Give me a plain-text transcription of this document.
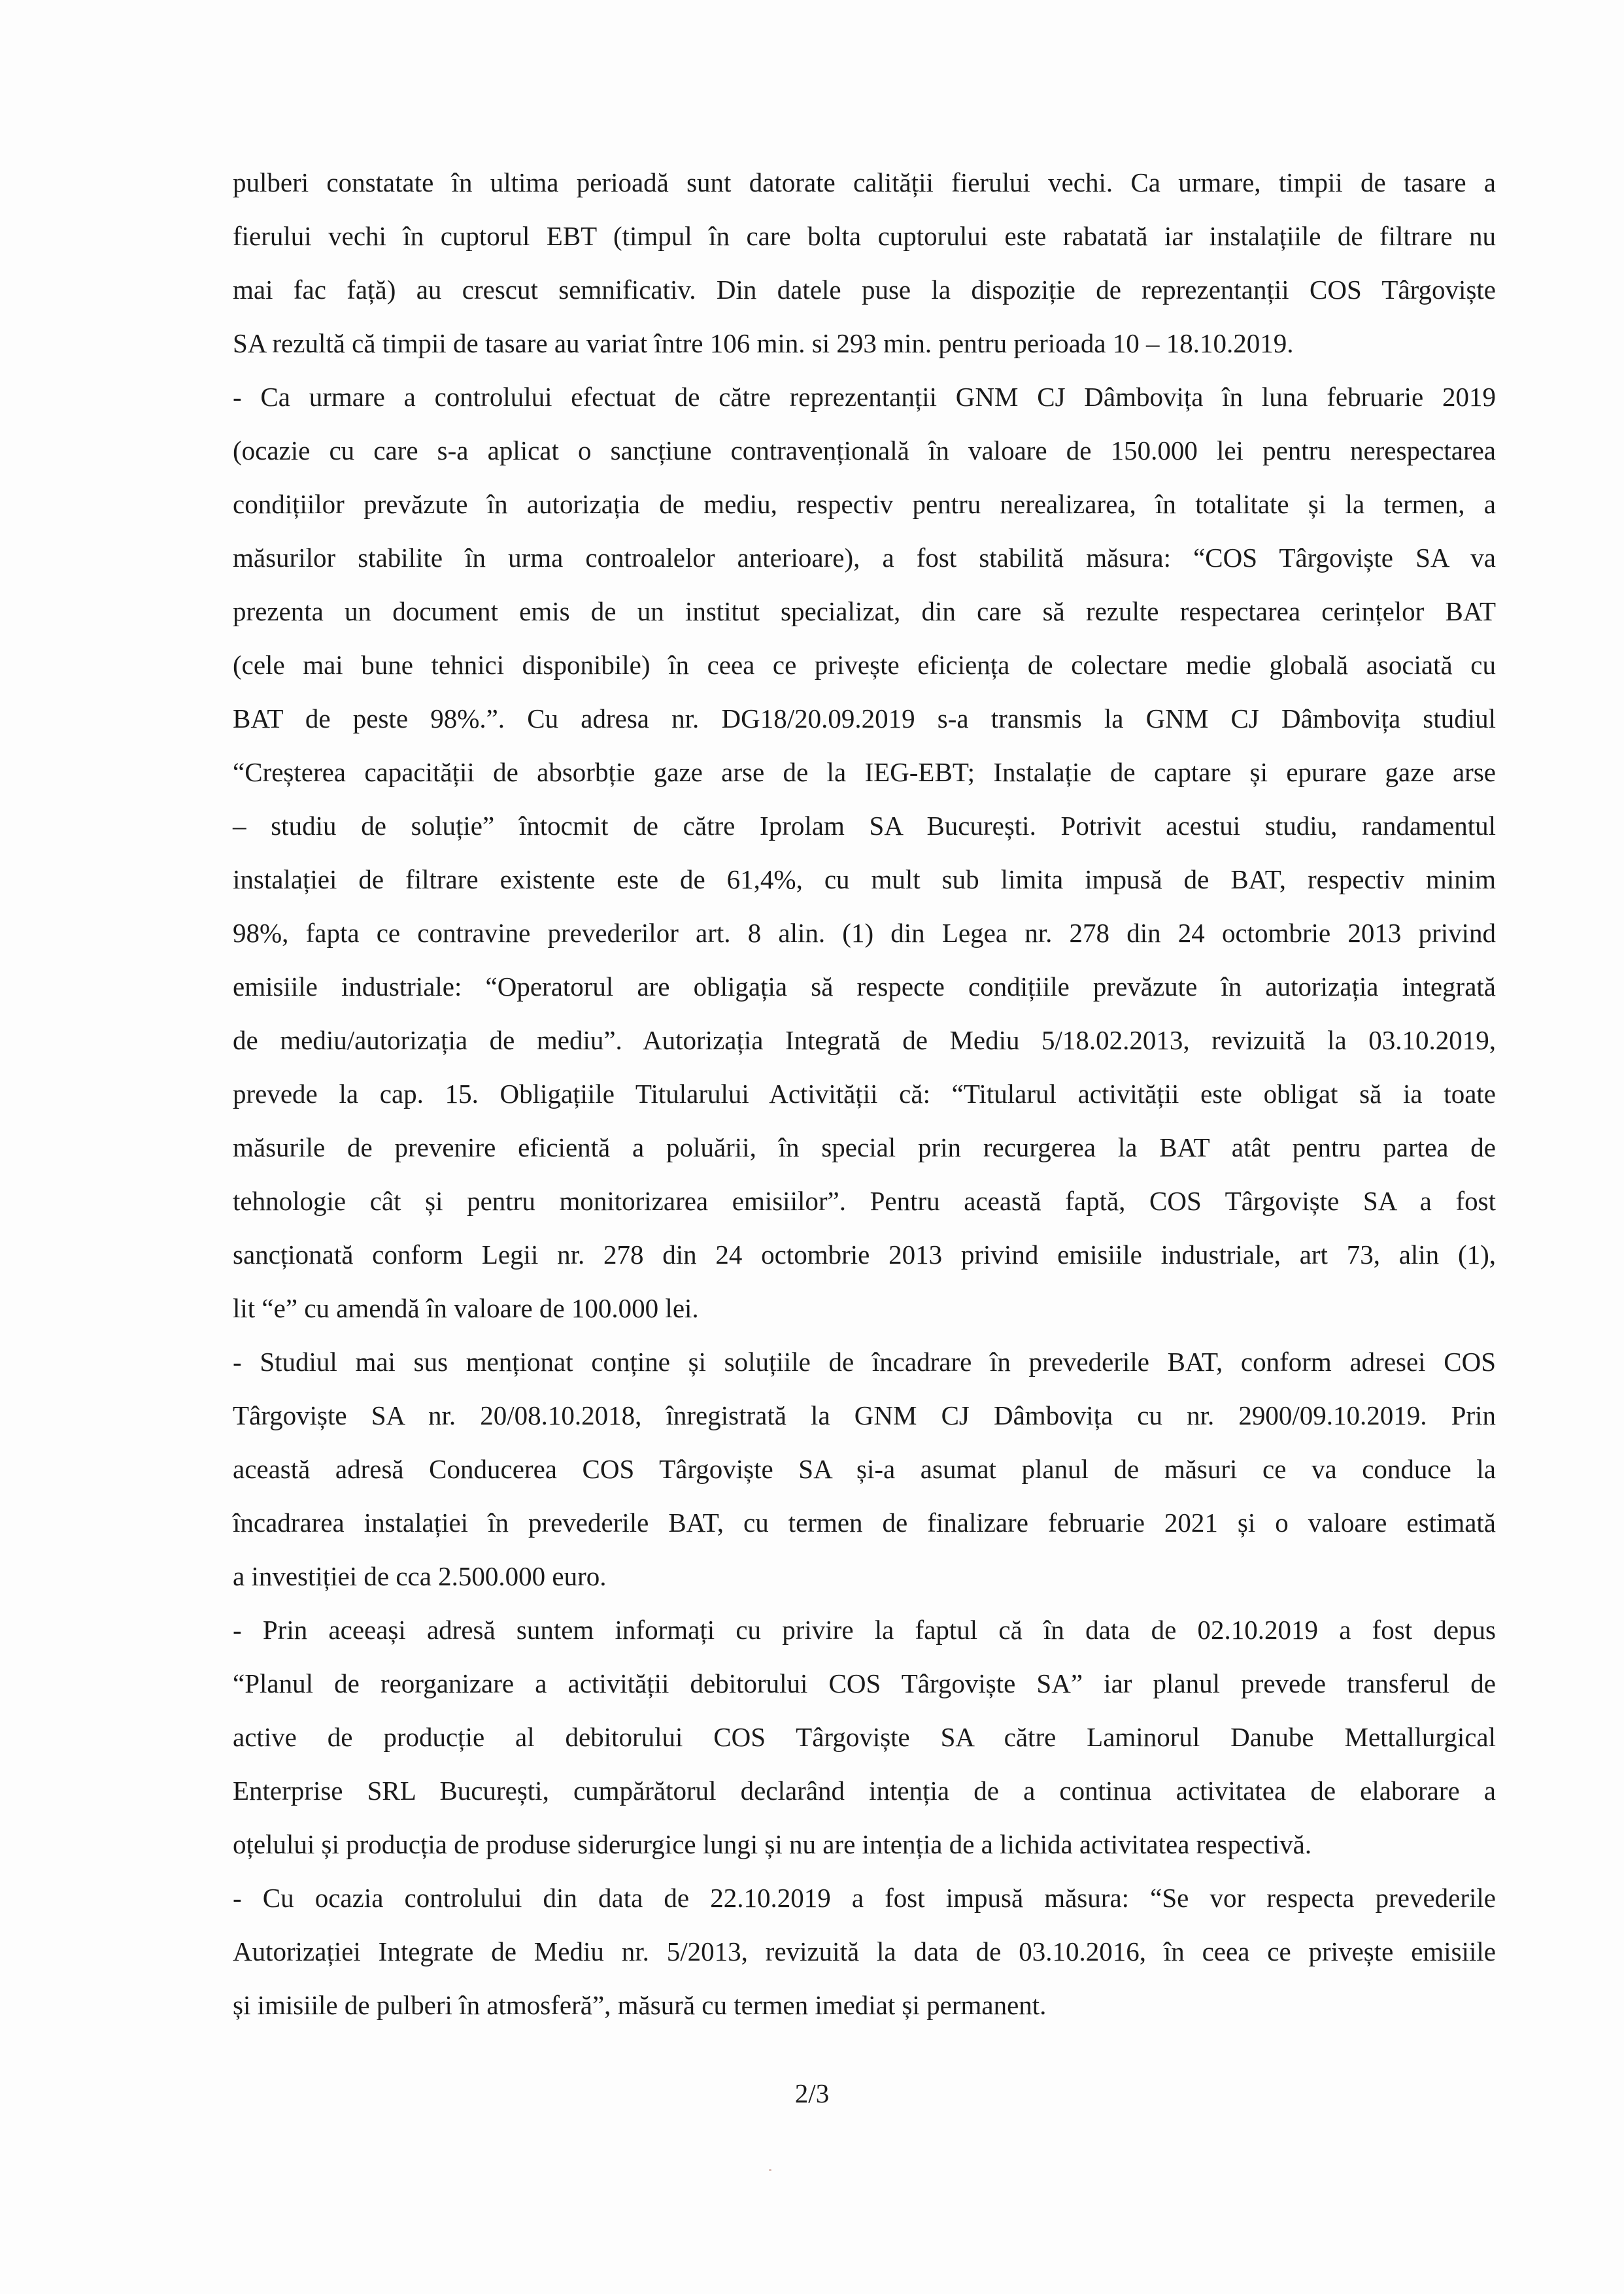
pulberi constatate în ultima perioadă sunt datorate calității fierului vechi. Ca urmare, timpii de tasare a
fierului vechi în cuptorul EBT (timpul în care bolta cuptorului este rabatată iar instalațiile de filtrare nu
mai fac față) au crescut semnificativ. Din datele puse la dispoziție de reprezentanții COS Târgoviște
SA rezultă că timpii de tasare au variat între 106 min. si 293 min. pentru perioada 10 – 18.10.2019.
- Ca urmare a controlului efectuat de către reprezentanții GNM CJ Dâmbovița în luna februarie 2019
(ocazie cu care s-a aplicat o sancțiune contravențională în valoare de 150.000 lei pentru nerespectarea
condițiilor prevăzute în autorizația de mediu, respectiv pentru nerealizarea, în totalitate și la termen, a
măsurilor stabilite în urma controalelor anterioare), a fost stabilită măsura: “COS Târgoviște SA va
prezenta un document emis de un institut specializat, din care să rezulte respectarea cerințelor BAT
(cele mai bune tehnici disponibile) în ceea ce privește eficiența de colectare medie globală asociată cu
BAT de peste 98%.”. Cu adresa nr. DG18/20.09.2019 s-a transmis la GNM CJ Dâmbovița studiul
“Creșterea capacității de absorbție gaze arse de la IEG-EBT; Instalație de captare și epurare gaze arse
– studiu de soluție” întocmit de către Iprolam SA București. Potrivit acestui studiu, randamentul
instalației de filtrare existente este de 61,4%, cu mult sub limita impusă de BAT, respectiv minim
98%, fapta ce contravine prevederilor art. 8 alin. (1) din Legea nr. 278 din 24 octombrie 2013 privind
emisiile industriale: “Operatorul are obligația să respecte condițiile prevăzute în autorizația integrată
de mediu/autorizația de mediu”. Autorizația Integrată de Mediu 5/18.02.2013, revizuită la 03.10.2019,
prevede la cap. 15. Obligațiile Titularului Activității că: “Titularul activității este obligat să ia toate
măsurile de prevenire eficientă a poluării, în special prin recurgerea la BAT atât pentru partea de
tehnologie cât și pentru monitorizarea emisiilor”. Pentru această faptă, COS Târgoviște SA a fost
sancționată conform Legii nr. 278 din 24 octombrie 2013 privind emisiile industriale, art 73, alin (1),
lit “e” cu amendă în valoare de 100.000 lei.
- Studiul mai sus menționat conține și soluțiile de încadrare în prevederile BAT, conform adresei COS
Târgoviște SA nr. 20/08.10.2018, înregistrată la GNM CJ Dâmbovița cu nr. 2900/09.10.2019. Prin
această adresă Conducerea COS Târgoviște SA și-a asumat planul de măsuri ce va conduce la
încadrarea instalației în prevederile BAT, cu termen de finalizare februarie 2021 și o valoare estimată
a investiției de cca 2.500.000 euro.
- Prin aceeași adresă suntem informați cu privire la faptul că în data de 02.10.2019 a fost depus
“Planul de reorganizare a activității debitorului COS Târgoviște SA” iar planul prevede transferul de
active de producție al debitorului COS Târgoviște SA către Laminorul Danube Mettallurgical
Enterprise SRL București, cumpărătorul declarând intenția de a continua activitatea de elaborare a
oțelului și producția de produse siderurgice lungi și nu are intenția de a lichida activitatea respectivă.
- Cu ocazia controlului din data de 22.10.2019 a fost impusă măsura: “Se vor respecta prevederile
Autorizației Integrate de Mediu nr. 5/2013, revizuită la data de 03.10.2016, în ceea ce privește emisiile
și imisiile de pulberi în atmosferă”, măsură cu termen imediat și permanent.
2/3
